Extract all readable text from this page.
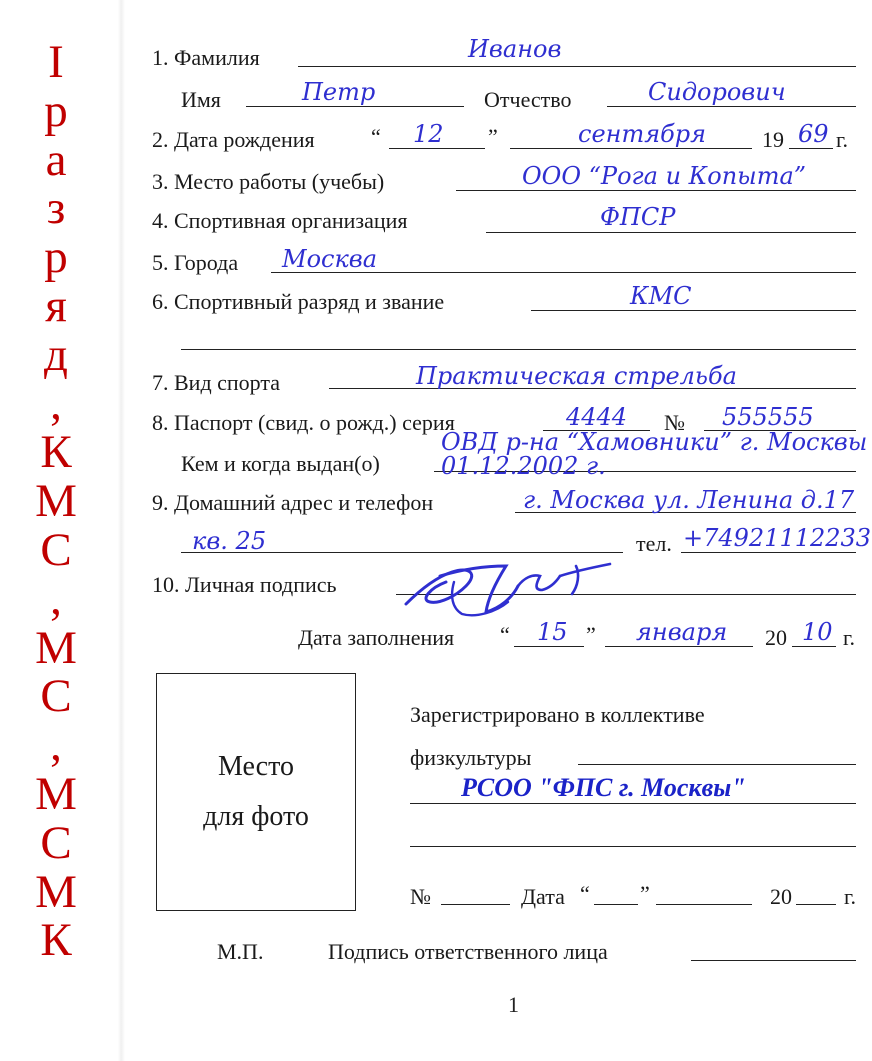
I
р
а
з
р
я
д
,
К
М
С
,
М
С
,
М
С
М
К
1. Фамилия	Иванов
Имя	Петр	Отчество	Сидорович
2. Дата рождения	“ 12 ”	сентября	19 69 г.
3. Место работы (учебы)	ООО “Рога и Копыта”
4. Спортивная организация	ФПСР
5. Города Москва
6. Спортивный разряд и звание	КМС
7. Вид спорта	Практическая стрельба
8. Паспорт (свид. о рожд.) серия	4444 № 555555
Кем и когда выдан(о)
ОВД р-на “Хамовники” г. Москвы
01.12.2002 г.
9. Домашний адрес и телефон	г. Москва ул. Ленина д.17
кв. 25	тел. +74921112233
10. Личная подпись
Дата заполнения “ 15 ” января 20 10 г.
Место
для фото
Зарегистрировано в коллективе
физкультуры
РСОО "ФПС г. Москвы"
№	Дата “ ”	20 г.
М.П.	Подпись ответственного лица
1
